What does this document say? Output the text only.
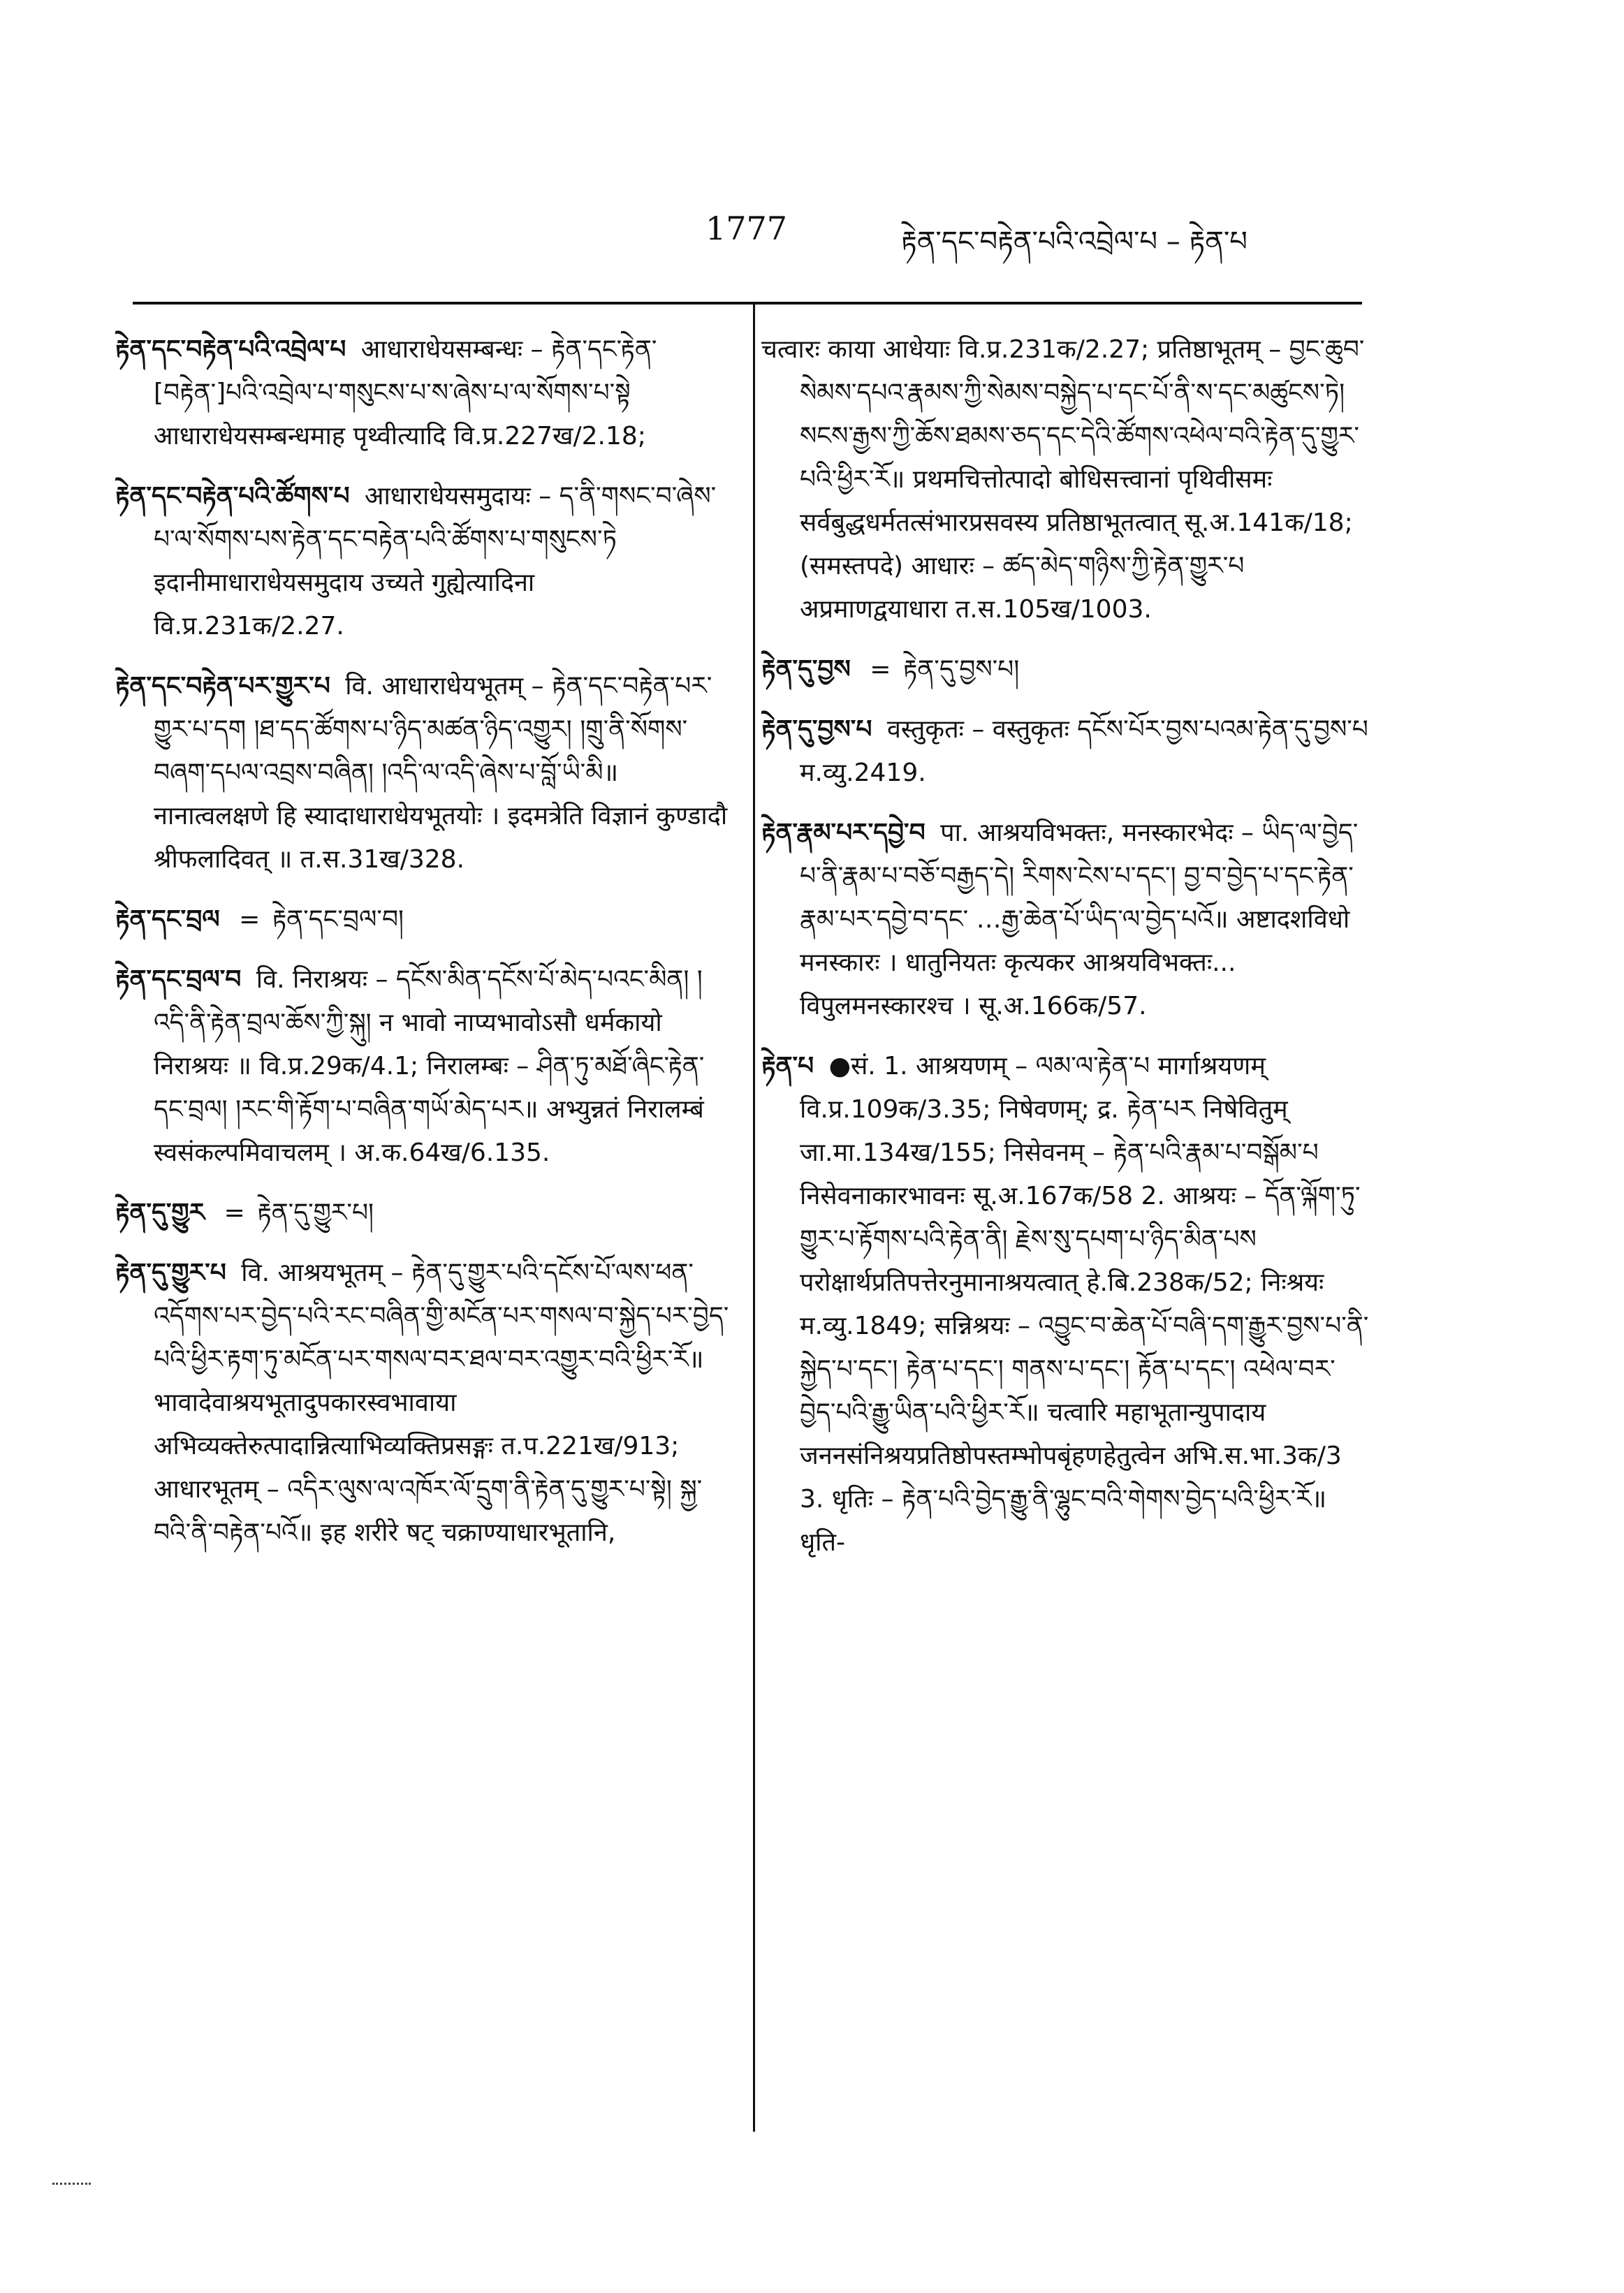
1777	རྟེན་དང་བརྟེན་པའི་འབྲེལ་པ – རྟེན་པ
རྟེན་དང་བརྟེན་པའི་འབྲེལ་པ आधाराधेयसम्बन्धः – རྟེན་དང་རྟེན་[བརྟེན་]པའི་འབྲེལ་པ་གསུངས་པ་ས་ཞེས་པ་ལ་སོགས་པ་སྟེ आधाराधेयसम्बन्धमाह पृथ्वीत्यादि वि.प्र.227ख/2.18;
རྟེན་དང་བརྟེན་པའི་ཚོགས་པ आधाराधेयसमुदायः – ད་ནི་གསང་བ་ཞེས་པ་ལ་སོགས་པས་རྟེན་དང་བརྟེན་པའི་ཚོགས་པ་གསུངས་ཏེ इदानीमाधाराधेयसमुदाय उच्यते गुह्येत्यादिना वि.प्र.231क/2.27.
རྟེན་དང་བརྟེན་པར་གྱུར་པ वि. आधाराधेयभूतम् – རྟེན་དང་བརྟེན་པར་གྱུར་པ་དག །ཐ་དད་ཚོགས་པ་ཉིད་མཚན་ཉིད་འགྱུར། །གྲུ་ནི་སོགས་བཞག་དཔལ་འབྲས་བཞིན། །འདི་ལ་འདི་ཞེས་པ་བློ་ཡི་མི॥ नानात्वलक्षणे हि स्यादाधाराधेयभूतयोः । इदमत्रेति विज्ञानं कुण्डादौ श्रीफलादिवत् ॥ त.स.31ख/328.
རྟེན་དང་བྲལ = རྟེན་དང་བྲལ་བ།
རྟེན་དང་བྲལ་བ वि. निराश्रयः – དངོས་མིན་དངོས་པོ་མེད་པའང་མིན། །འདི་ནི་རྟེན་བྲལ་ཆོས་ཀྱི་སྐུ། न भावो नाप्यभावोऽसौ धर्मकायो निराश्रयः ॥ वि.प्र.29क/4.1; निरालम्बः – ཤིན་ཏུ་མཐོ་ཞིང་རྟེན་དང་བྲལ། །རང་གི་རྟོག་པ་བཞིན་གཡོ་མེད་པར॥ अभ्युन्नतं निरालम्बं स्वसंकल्पमिवाचलम् । अ.क.64ख/6.135.
རྟེན་དུ་གྱུར = རྟེན་དུ་གྱུར་པ།
རྟེན་དུ་གྱུར་པ वि. आश्रयभूतम् – རྟེན་དུ་གྱུར་པའི་དངོས་པོ་ལས་ཕན་འདོགས་པར་བྱེད་པའི་རང་བཞིན་གྱི་མངོན་པར་གསལ་བ་སྐྱེད་པར་བྱེད་པའི་ཕྱིར་རྟག་ཏུ་མངོན་པར་གསལ་བར་ཐལ་བར་འགྱུར་བའི་ཕྱིར་རོ॥ भावादेवाश्रयभूतादुपकारस्वभावाया अभिव्यक्तेरुत्पादान्नित्याभिव्यक्तिप्रसङ्गः त.प.221ख/913; आधारभूतम् – འདིར་ལུས་ལ་འཁོར་ལོ་དྲུག་ནི་རྟེན་དུ་གྱུར་པ་སྟེ། སྐྱ་བའི་ནི་བརྟེན་པའོ॥ इह शरीरे षट् चक्राण्याधारभूतानि,
चत्वारः काया आधेयाः वि.प्र.231क/2.27; प्रतिष्ठाभूतम् – བྱང་ཆུབ་སེམས་དཔའ་རྣམས་ཀྱི་སེམས་བསྐྱེད་པ་དང་པོ་ནི་ས་དང་མཚུངས་ཏེ། སངས་རྒྱས་ཀྱི་ཆོས་ཐམས་ཅད་དང་དེའི་ཚོགས་འཕེལ་བའི་རྟེན་དུ་གྱུར་པའི་ཕྱིར་རོ॥ प्रथमचित्तोत्पादो बोधिसत्त्वानां पृथिवीसमः सर्वबुद्धधर्मतत्संभारप्रसवस्य प्रतिष्ठाभूतत्वात् सू.अ.141क/18; (समस्तपदे) आधारः – ཚད་མེད་གཉིས་ཀྱི་རྟེན་གྱུར་པ अप्रमाणद्वयाधारा त.स.105ख/1003.
རྟེན་དུ་བྱས = རྟེན་དུ་བྱས་པ།
རྟེན་དུ་བྱས་པ वस्तुकृतः – वस्तुकृतः དངོས་པོར་བྱས་པའམ་རྟེན་དུ་བྱས་པ म.व्यु.2419.
རྟེན་རྣམ་པར་དབྱེ་བ पा. आश्रयविभक्तः, मनस्कारभेदः – ཡིད་ལ་བྱེད་པ་ནི་རྣམ་པ་བཅོ་བརྒྱད་དེ། རིགས་ངེས་པ་དང་། བྱ་བ་བྱེད་པ་དང་རྟེན་རྣམ་པར་དབྱེ་བ་དང་ …རྒྱ་ཆེན་པོ་ཡིད་ལ་བྱེད་པའོ॥ अष्टादशविधो मनस्कारः । धातुनियतः कृत्यकर आश्रयविभक्तः... विपुलमनस्कारश्च । सू.अ.166क/57.
རྟེན་པ ●सं. 1. आश्रयणम् – ལམ་ལ་རྟེན་པ मार्गाश्रयणम् वि.प्र.109क/3.35; निषेवणम्; द्र. རྟེན་པར निषेवितुम् जा.मा.134ख/155; निसेवनम् – རྟེན་པའི་རྣམ་པ་བསྒོམ་པ निसेवनाकारभावनः सू.अ.167क/58 2. आश्रयः – དོན་ལྐོག་ཏུ་གྱུར་པ་རྟོགས་པའི་རྟེན་ནི། རྗེས་སུ་དཔག་པ་ཉིད་མིན་པས परोक्षार्थप्रतिपत्तेरनुमानाश्रयत्वात् हे.बि.238क/52; निःश्रयः म.व्यु.1849; सन्निश्रयः – འབྱུང་བ་ཆེན་པོ་བཞི་དག་རྒྱུར་བྱས་པ་ནི་སྐྱེད་པ་དང་། རྟེན་པ་དང་། གནས་པ་དང་། རྟོན་པ་དང་། འཕེལ་བར་བྱེད་པའི་རྒྱུ་ཡིན་པའི་ཕྱིར་རོ॥ चत्वारि महाभूतान्युपादाय जननसंनिश्रयप्रतिष्ठोपस्तम्भोपबृंहणहेतुत्वेन अभि.स.भा.3क/3 3. धृतिः – རྟེན་པའི་བྱེད་རྒྱུ་ནི་ལྷུང་བའི་གེགས་བྱེད་པའི་ཕྱིར་རོ॥ धृति-
